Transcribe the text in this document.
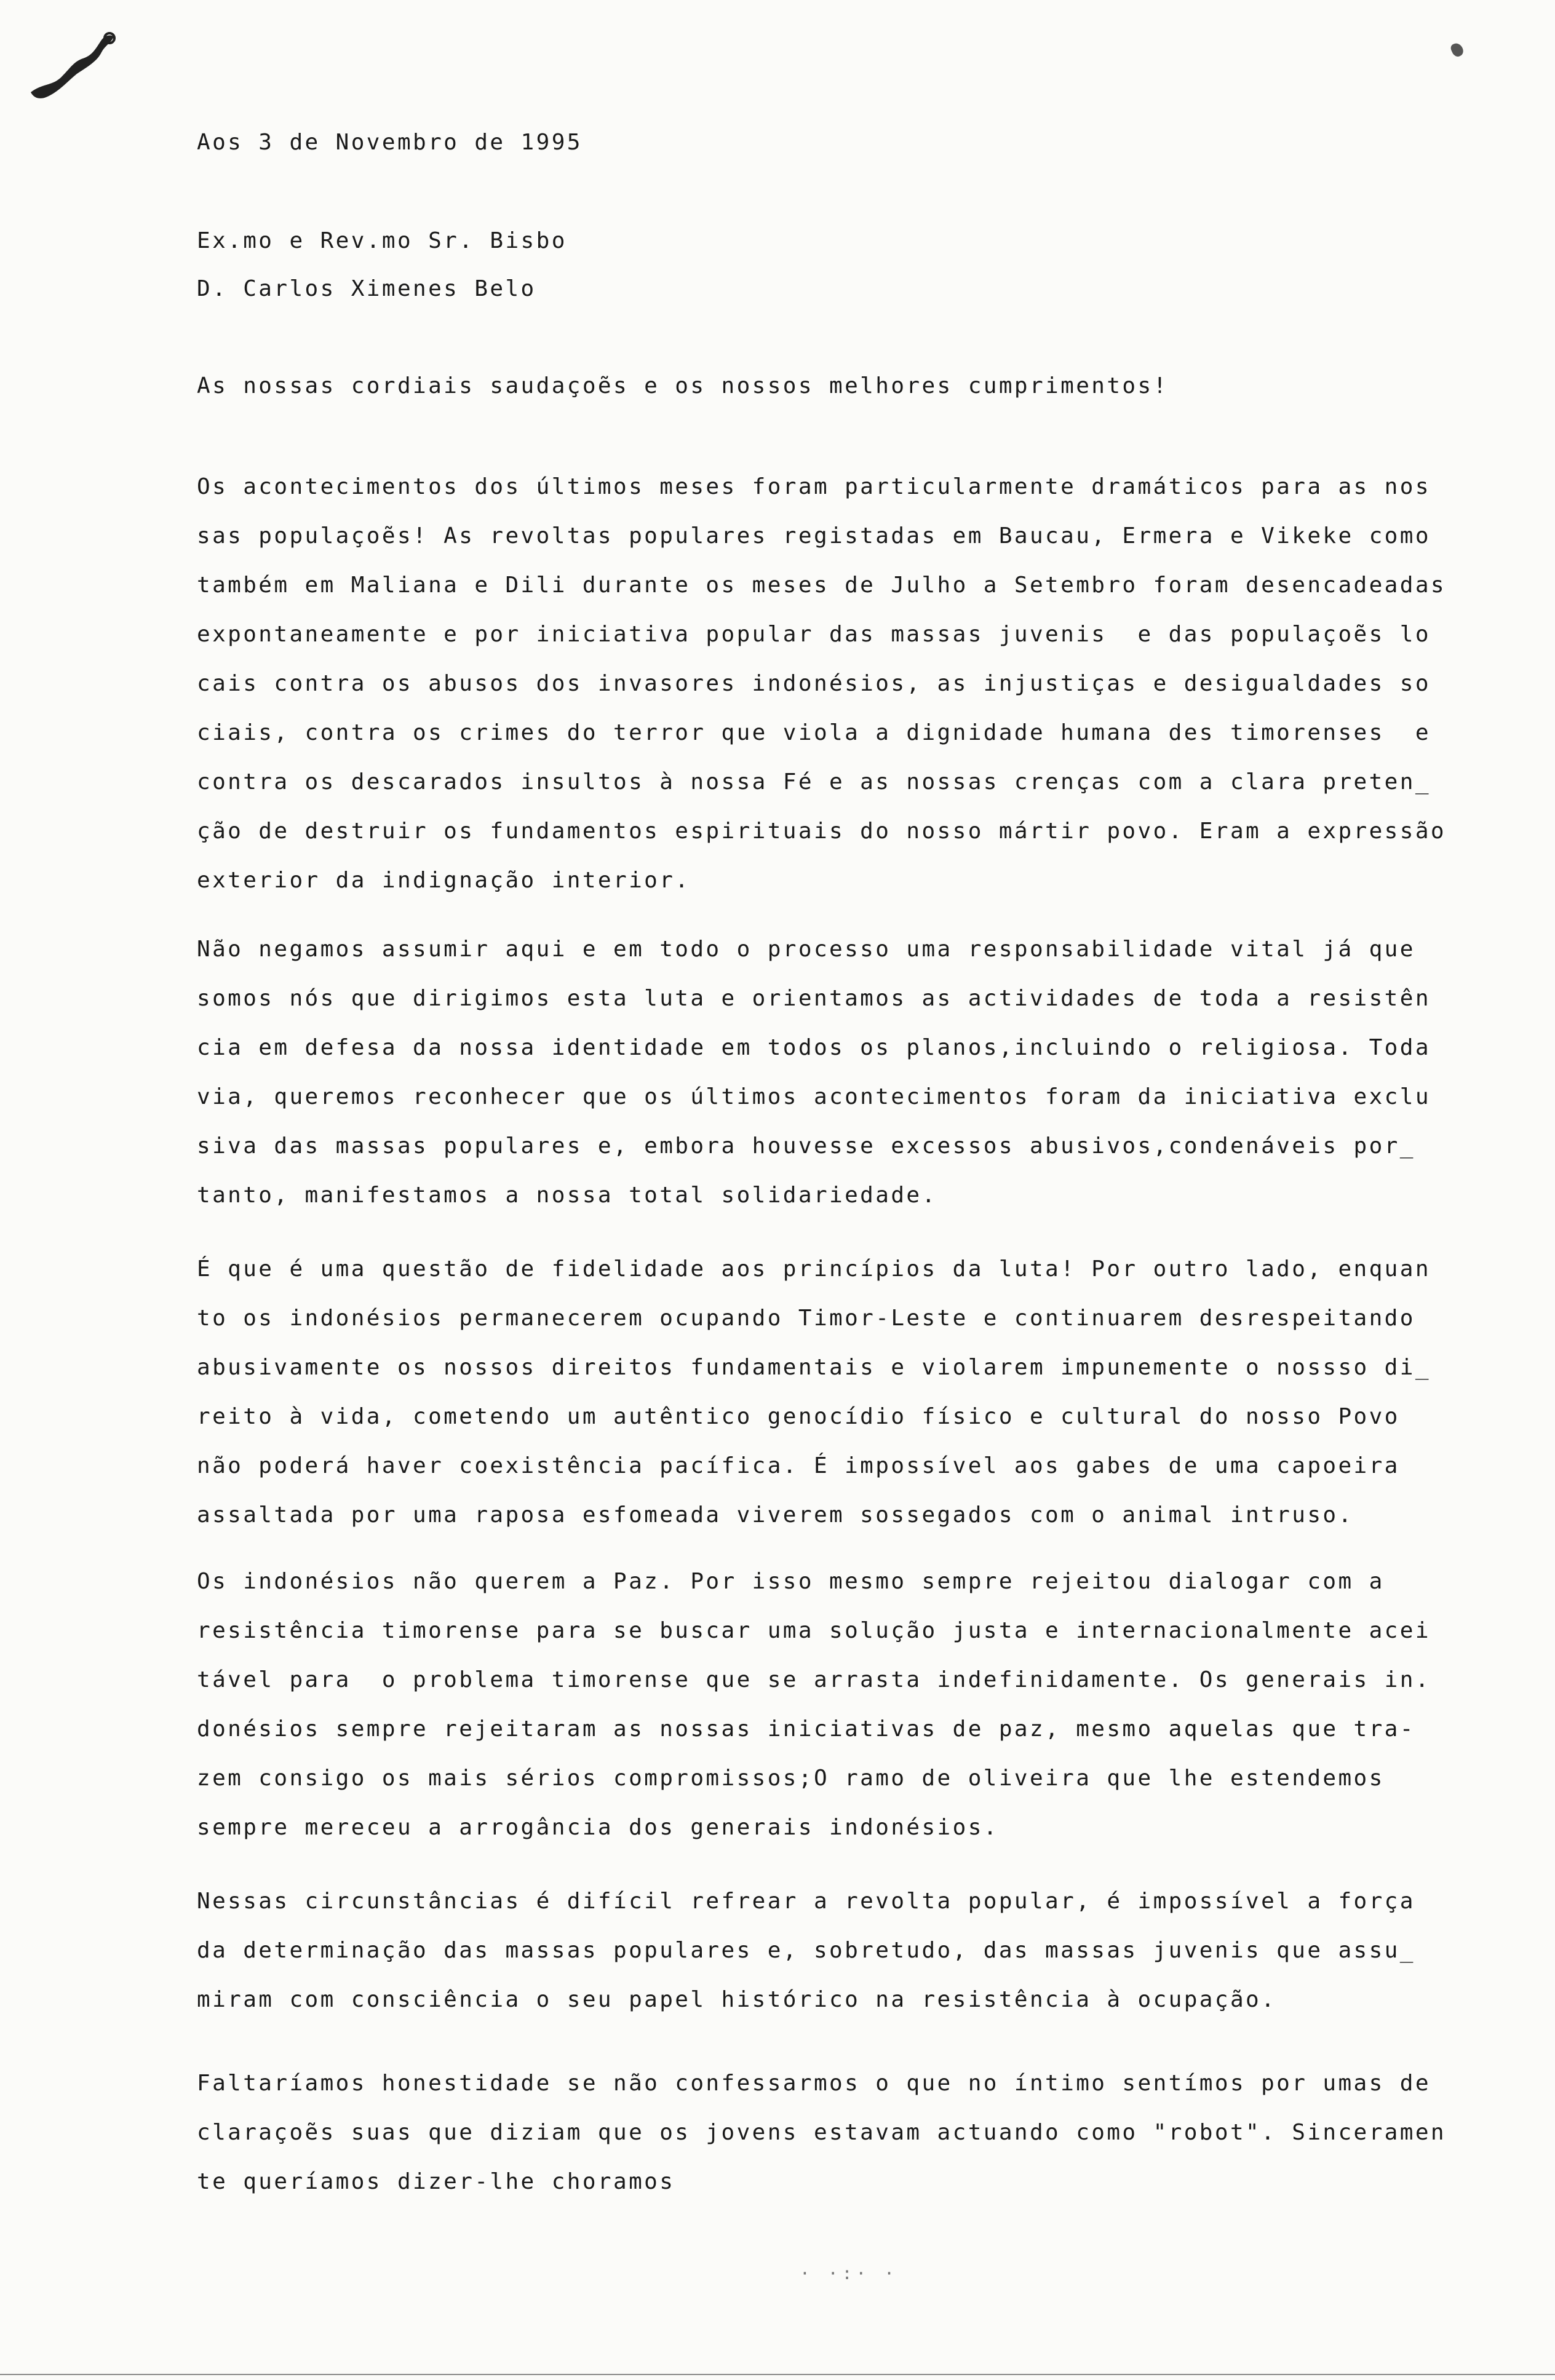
Aos 3 de Novembro de 1995
Ex.mo e Rev.mo Sr. Bisbo
D. Carlos Ximenes Belo
As nossas cordiais saudaçoẽs e os nossos melhores cumprimentos!
Os acontecimentos dos últimos meses foram particularmente dramáticos para as nos
sas populaçoẽs! As revoltas populares registadas em Baucau, Ermera e Vikeke como
também em Maliana e Dili durante os meses de Julho a Setembro foram desencadeadas
expontaneamente e por iniciativa popular das massas juvenis  e das populaçoẽs lo
cais contra os abusos dos invasores indonésios, as injustiças e desigualdades so
ciais, contra os crimes do terror que viola a dignidade humana des timorenses  e
contra os descarados insultos à nossa Fé e as nossas crenças com a clara preten_
ção de destruir os fundamentos espirituais do nosso mártir povo. Eram a expressão
exterior da indignação interior.
Não negamos assumir aqui e em todo o processo uma responsabilidade vital já que
somos nós que dirigimos esta luta e orientamos as actividades de toda a resistên
cia em defesa da nossa identidade em todos os planos,incluindo o religiosa. Toda
via, queremos reconhecer que os últimos acontecimentos foram da iniciativa exclu
siva das massas populares e, embora houvesse excessos abusivos,condenáveis por_
tanto, manifestamos a nossa total solidariedade.
É que é uma questão de fidelidade aos princípios da luta! Por outro lado, enquan
to os indonésios permanecerem ocupando Timor-Leste e continuarem desrespeitando
abusivamente os nossos direitos fundamentais e violarem impunemente o nossso di_
reito à vida, cometendo um autêntico genocídio físico e cultural do nosso Povo
não poderá haver coexistência pacífica. É impossível aos gabes de uma capoeira
assaltada por uma raposa esfomeada viverem sossegados com o animal intruso.
Os indonésios não querem a Paz. Por isso mesmo sempre rejeitou dialogar com a
resistência timorense para se buscar uma solução justa e internacionalmente acei
tável para  o problema timorense que se arrasta indefinidamente. Os generais in.
donésios sempre rejeitaram as nossas iniciativas de paz, mesmo aquelas que tra-
zem consigo os mais sérios compromissos;O ramo de oliveira que lhe estendemos
sempre mereceu a arrogância dos generais indonésios.
Nessas circunstâncias é difícil refrear a revolta popular, é impossível a força
da determinação das massas populares e, sobretudo, das massas juvenis que assu_
miram com consciência o seu papel histórico na resistência à ocupação.
Faltaríamos honestidade se não confessarmos o que no íntimo sentímos por umas de
claraçoẽs suas que diziam que os jovens estavam actuando como "robot". Sinceramen
te queríamos dizer-lhe choramos
· ·:· ·
